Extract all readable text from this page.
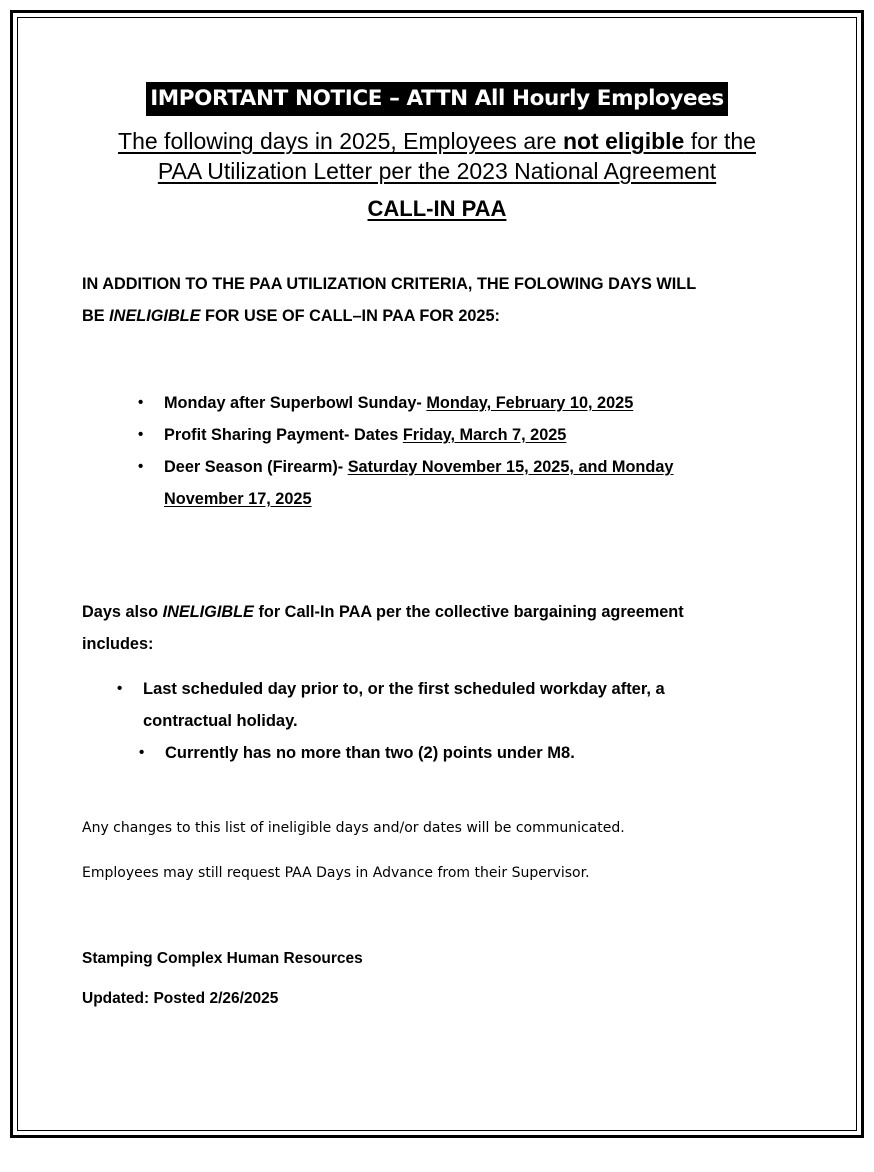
IMPORTANT NOTICE – ATTN All Hourly Employees
The following days in 2025, Employees are not eligible for the
PAA Utilization Letter per the 2023 National Agreement
CALL-IN PAA
IN ADDITION TO THE PAA UTILIZATION CRITERIA, THE FOLOWING DAYS WILL
BE INELIGIBLE FOR USE OF CALL–IN PAA FOR 2025:
• Monday after Superbowl Sunday- Monday, February 10, 2025
• Profit Sharing Payment- Dates Friday, March 7, 2025
• Deer Season (Firearm)- Saturday November 15, 2025, and Monday
November 17, 2025
Days also INELIGIBLE for Call-In PAA per the collective bargaining agreement
includes:
• Last scheduled day prior to, or the first scheduled workday after, a
contractual holiday.
• Currently has no more than two (2) points under M8.
Any changes to this list of ineligible days and/or dates will be communicated.
Employees may still request PAA Days in Advance from their Supervisor.
Stamping Complex Human Resources
Updated: Posted 2/26/2025
